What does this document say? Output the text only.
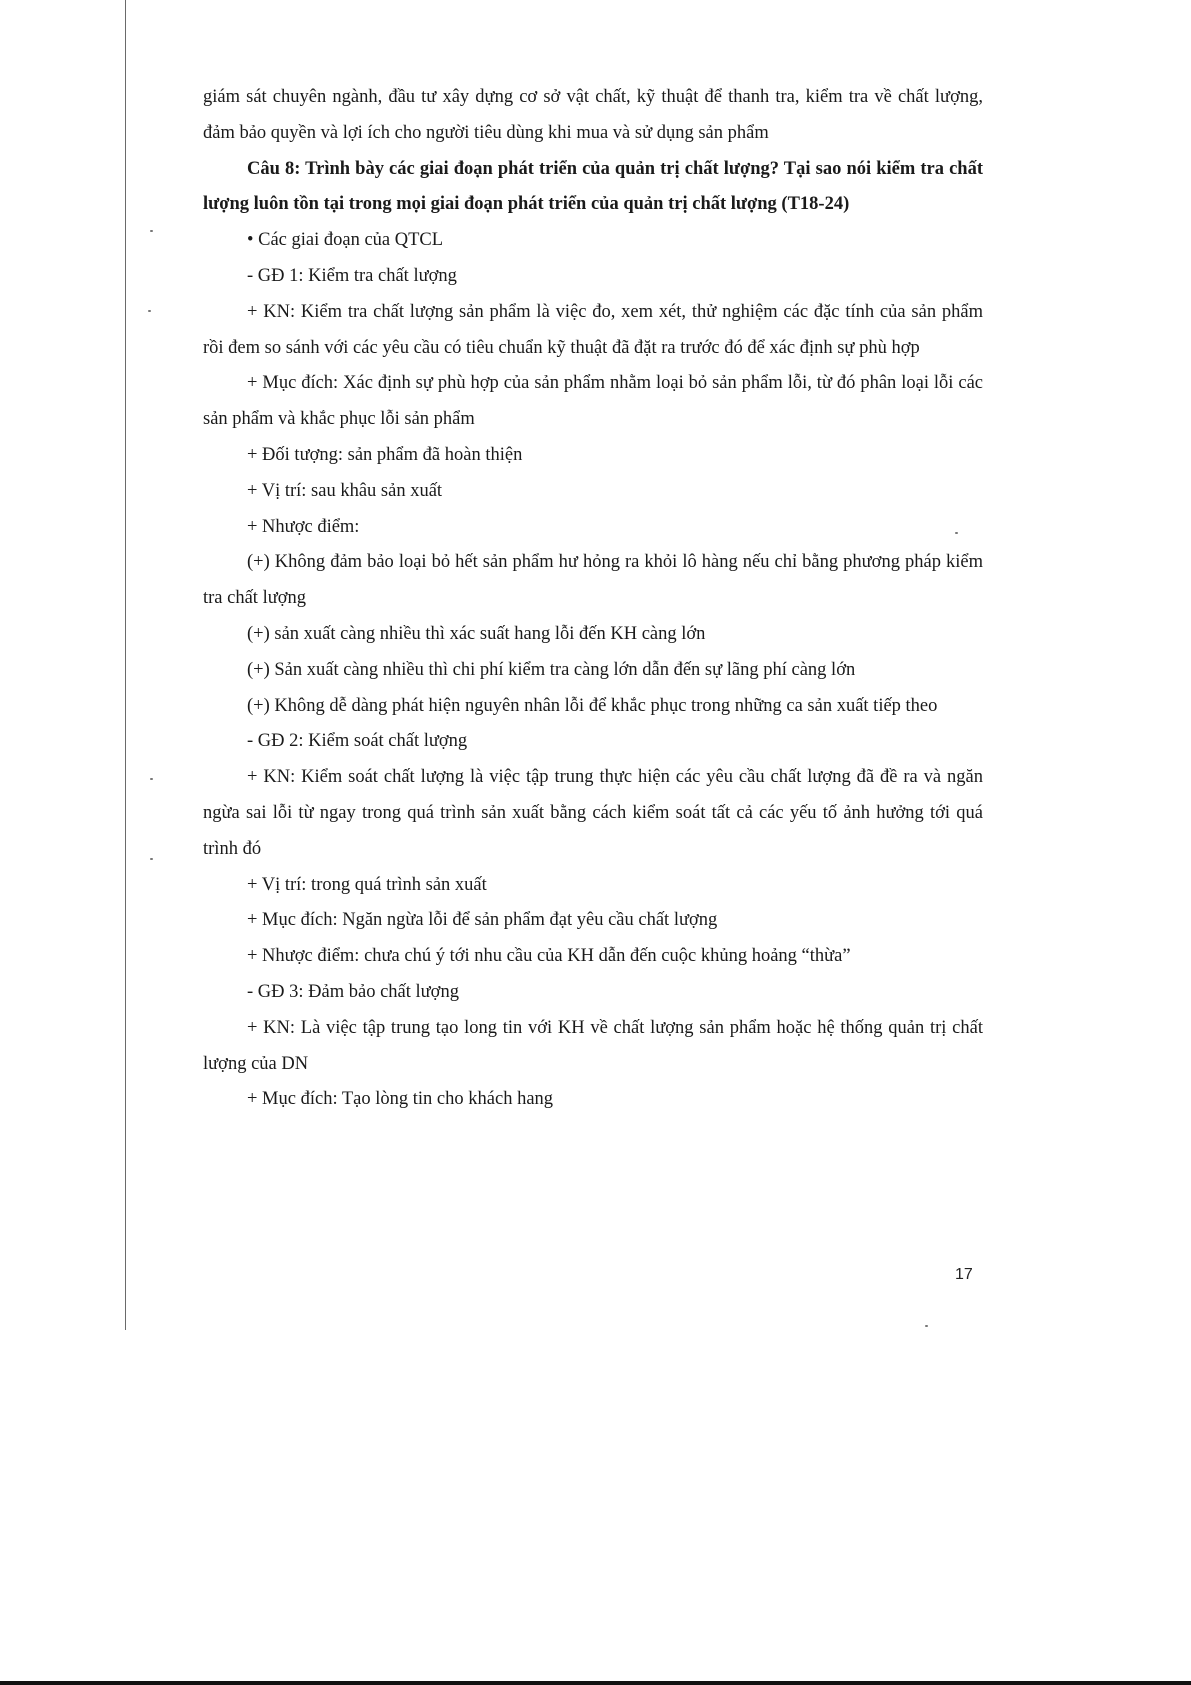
giám sát chuyên ngành, đầu tư xây dựng cơ sở vật chất, kỹ thuật để thanh tra, kiểm tra về chất lượng, đảm bảo quyền và lợi ích cho người tiêu dùng khi mua và sử dụng sản phẩm

Câu 8: Trình bày các giai đoạn phát triển của quản trị chất lượng? Tại sao nói kiểm tra chất lượng luôn tồn tại trong mọi giai đoạn phát triển của quản trị chất lượng (T18-24)

• Các giai đoạn của QTCL

- GĐ 1: Kiểm tra chất lượng

+ KN: Kiểm tra chất lượng sản phẩm là việc đo, xem xét, thử nghiệm các đặc tính của sản phẩm rồi đem so sánh với các yêu cầu có tiêu chuẩn kỹ thuật đã đặt ra trước đó để xác định sự phù hợp

+ Mục đích: Xác định sự phù hợp của sản phẩm nhằm loại bỏ sản phẩm lỗi, từ đó phân loại lỗi các sản phẩm và khắc phục lỗi sản phẩm

+ Đối tượng: sản phẩm đã hoàn thiện

+ Vị trí: sau khâu sản xuất

+ Nhược điểm:

(+) Không đảm bảo loại bỏ hết sản phẩm hư hỏng ra khỏi lô hàng nếu chỉ bằng phương pháp kiểm tra chất lượng

(+) sản xuất càng nhiều thì xác suất hang lỗi đến KH càng lớn

(+) Sản xuất càng nhiều thì chi phí kiểm tra càng lớn dẫn đến sự lãng phí càng lớn

(+) Không dễ dàng phát hiện nguyên nhân lỗi để khắc phục trong những ca sản xuất tiếp theo

- GĐ 2: Kiểm soát chất lượng

+ KN: Kiểm soát chất lượng là việc tập trung thực hiện các yêu cầu chất lượng đã đề ra và ngăn ngừa sai lỗi từ ngay trong quá trình sản xuất bằng cách kiểm soát tất cả các yếu tố ảnh hưởng tới quá trình đó

+ Vị trí: trong quá trình sản xuất

+ Mục đích: Ngăn ngừa lỗi để sản phẩm đạt yêu cầu chất lượng

+ Nhược điểm: chưa chú ý tới nhu cầu của KH dẫn đến cuộc khủng hoảng “thừa”

- GĐ 3: Đảm bảo chất lượng

+ KN: Là việc tập trung tạo long tin với KH về chất lượng sản phẩm hoặc hệ thống quản trị chất lượng của DN

+ Mục đích: Tạo lòng tin cho khách hang

17
